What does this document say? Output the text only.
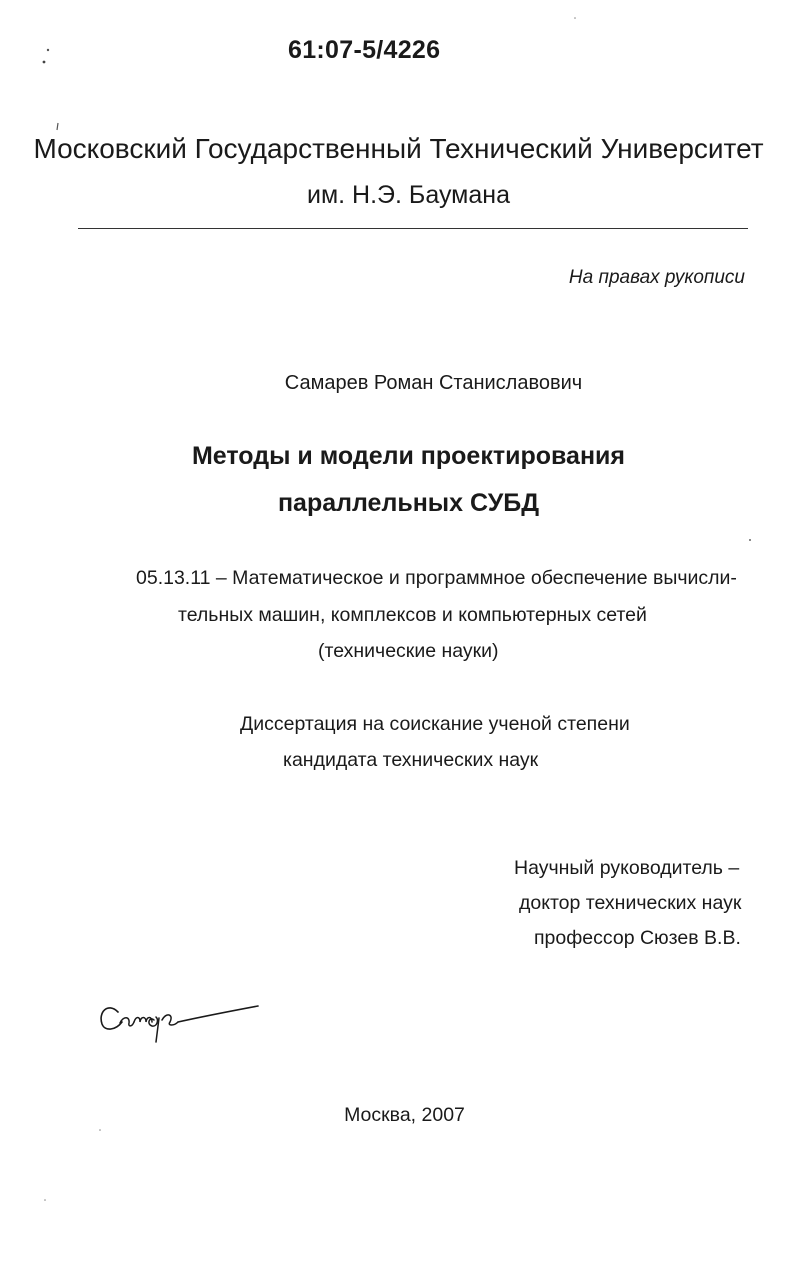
61:07-5/4226
Московский Государственный Технический Университет
им. Н.Э. Баумана
На правах рукописи
Самарев Роман Станиславович
Методы и модели проектирования
параллельных СУБД
05.13.11 – Математическое и программное обеспечение вычисли-
тельных машин, комплексов и компьютерных сетей
(технические науки)
Диссертация на соискание ученой степени
кандидата технических наук
Научный руководитель –
доктор технических наук
профессор Сюзев В.В.
Москва, 2007
